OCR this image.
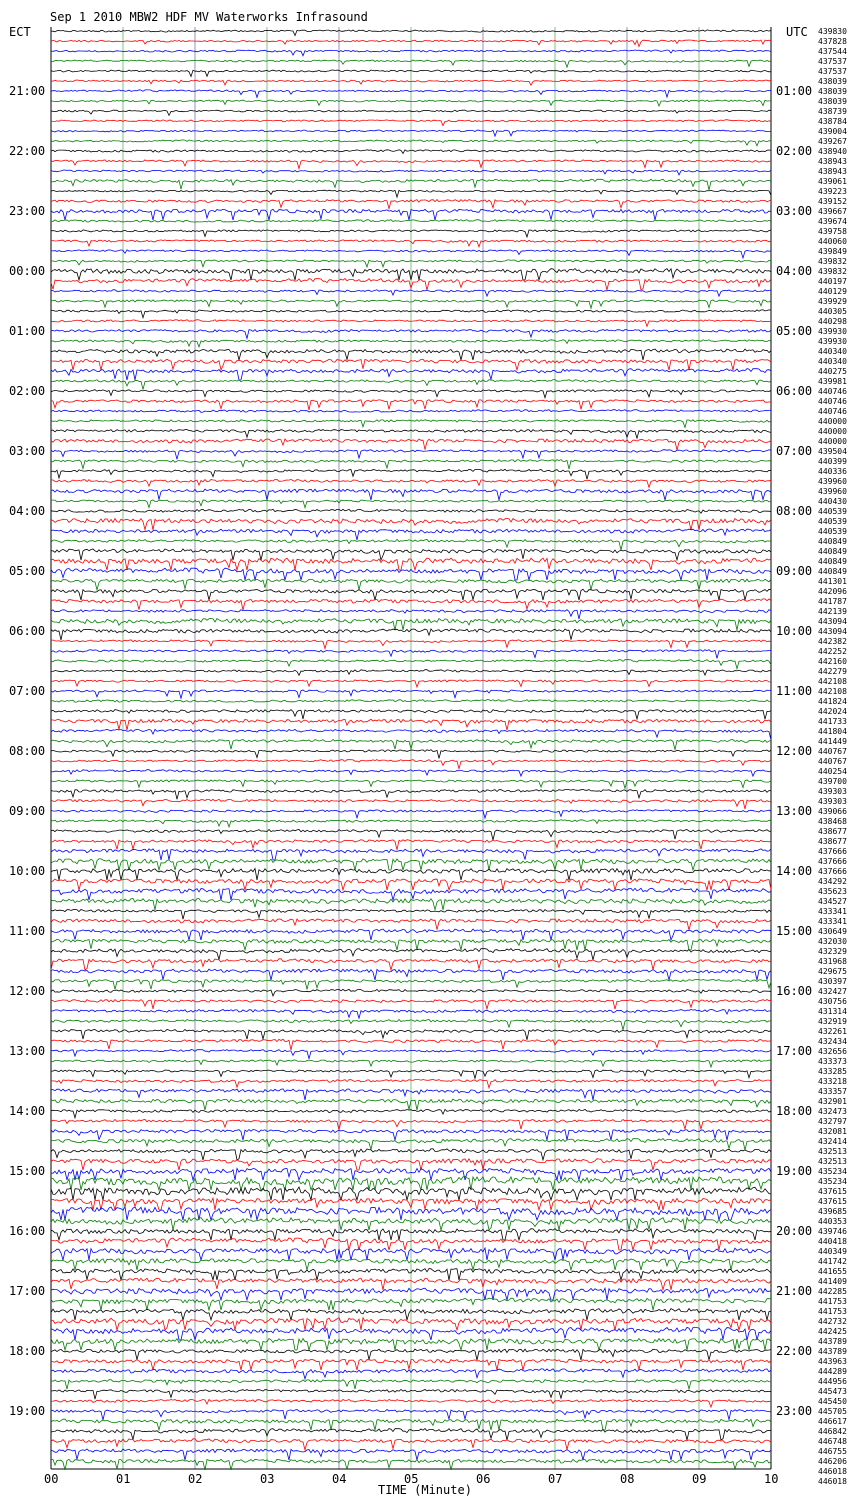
Sep 1 2010 MBW2 HDF MV Waterworks Infrasound
ECT	UTC
21:00
22:00
23:00
00:00
01:00
02:00
03:00
04:00
05:00
06:00
07:00
08:00
09:00
10:00
11:00
12:00
13:00
14:00
15:00
16:00
17:00
18:00
19:00
01:00
02:00
03:00
04:00
05:00
06:00
07:00
08:00
09:00
10:00
11:00
12:00
13:00
14:00
15:00
16:00
17:00
18:00
19:00
20:00
21:00
22:00
23:00
439830
437828
437544
437537
437537
438039
438039
438039
438739
438784
439004
439267
438940
438943
438943
439061
439223
439152
439667
439674
439758
440060
439849
439832
439832
440197
440129
439929
440305
440298
439930
439930
440340
440340
440275
439981
440746
440746
440746
440000
440000
440000
439504
440399
440336
439960
439960
440430
440539
440539
440539
440849
440849
440849
440849
441301
442096
441787
442139
443094
443094
442382
442252
442160
442279
442108
442108
441824
442024
441733
441804
441449
440767
440767
440254
439700
439303
439303
439066
438468
438677
438677
437666
437666
437666
434292
435623
434527
433341
433341
430649
432030
432329
431968
429675
430397
432427
430756
431314
432919
432261
432434
432656
433373
433285
433218
433357
432901
432473
432797
432081
432414
432513
432513
435234
435234
437615
437615
439685
440353
439746
440418
440349
441742
441655
441409
442285
441753
441753
442732
442425
443789
443789
443963
444289
444956
445473
445450
445705
446617
446842
446748
446755
446206
446018
446018
00	01	02	03	04	05	06	07	08	09	10
TIME (Minute)
